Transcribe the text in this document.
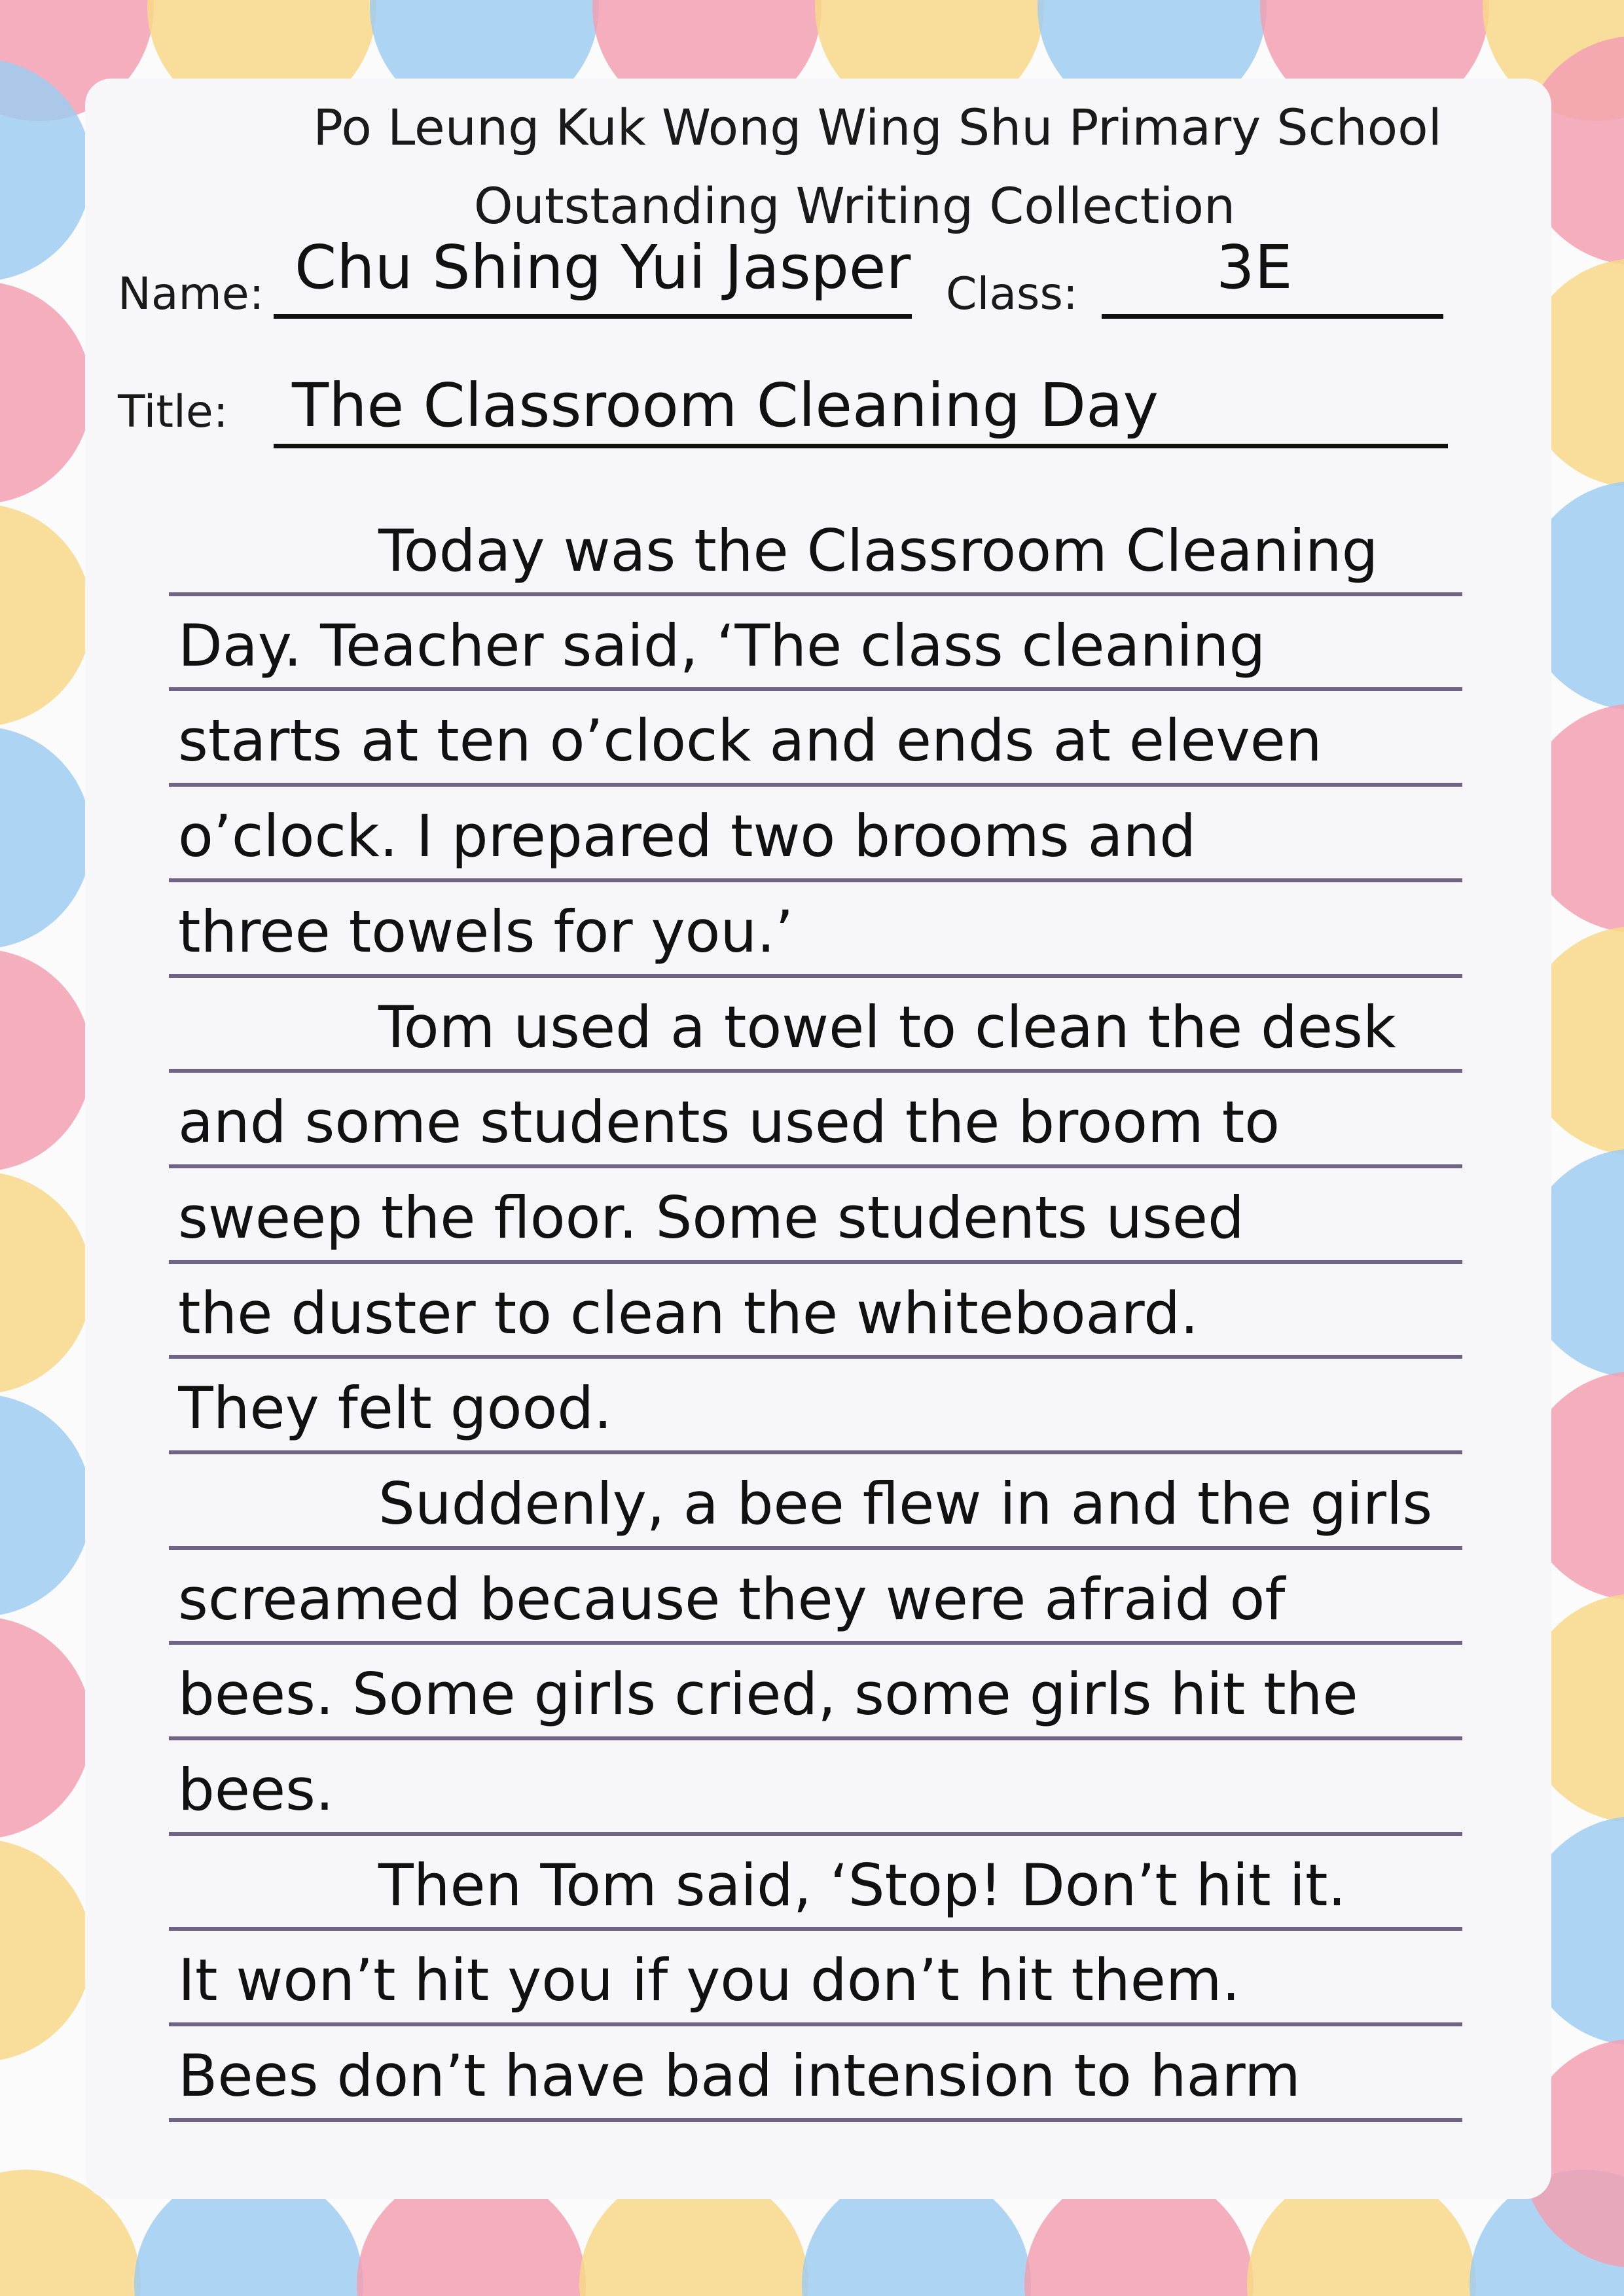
Po Leung Kuk Wong Wing Shu Primary School
Outstanding Writing Collection
Name: Chu Shing Yui Jasper Class: 3E
Title: The Classroom Cleaning Day
Today was the Classroom Cleaning
Day. Teacher said, ‘The class cleaning
starts at ten o’clock and ends at eleven
o’clock. I prepared two brooms and
three towels for you.’
Tom used a towel to clean the desk
and some students used the broom to
sweep the floor. Some students used
the duster to clean the whiteboard.
They felt good.
Suddenly, a bee flew in and the girls
screamed because they were afraid of
bees. Some girls cried, some girls hit the
bees.
Then Tom said, ‘Stop! Don’t hit it.
It won’t hit you if you don’t hit them.
Bees don’t have bad intension to harm
